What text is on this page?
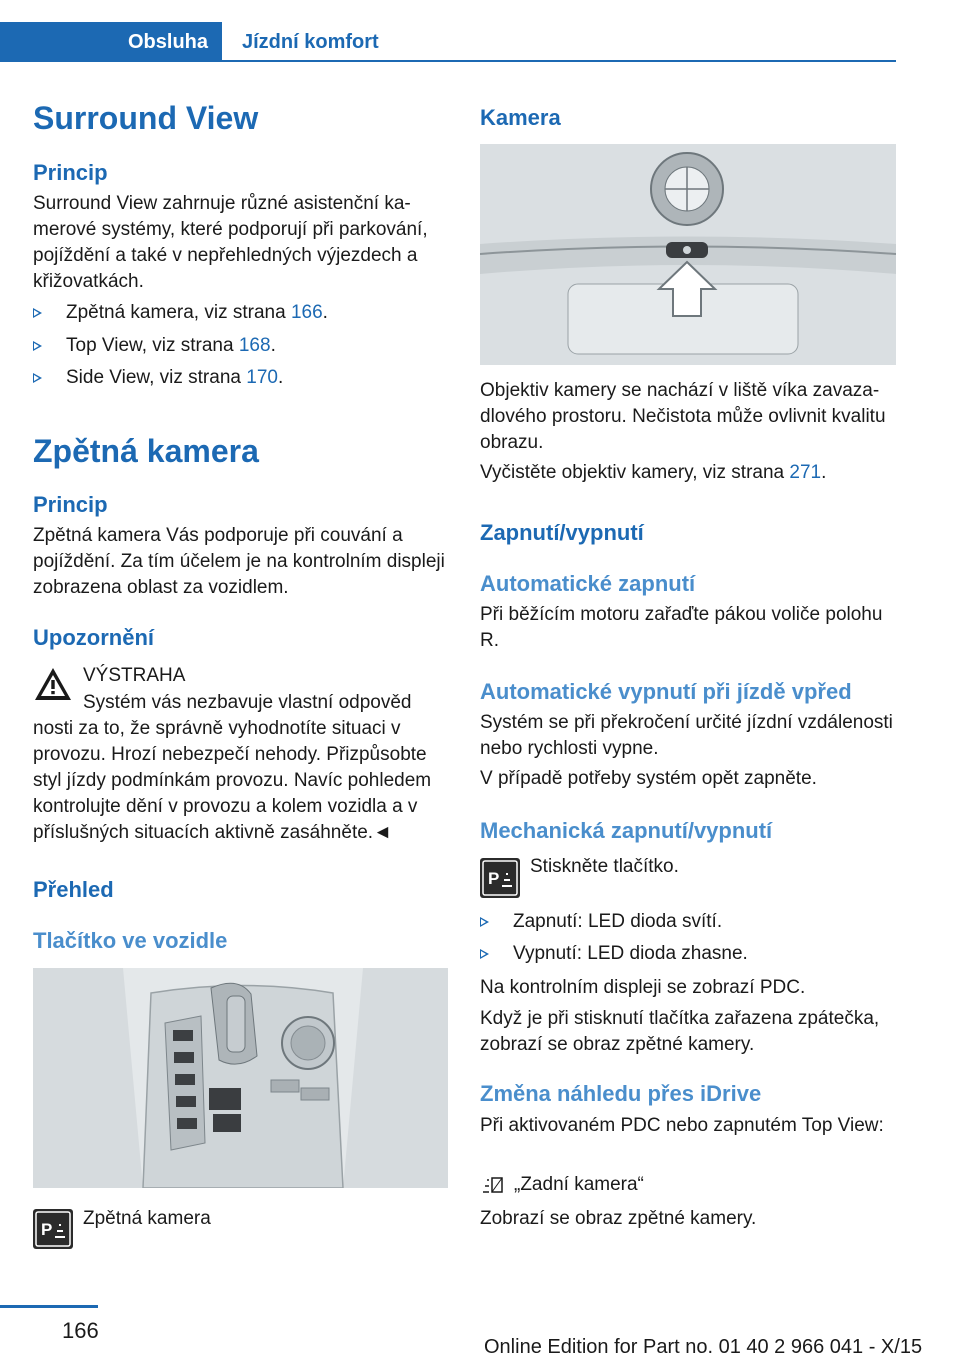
Obsluha Jízdní komfort
Surround View
Princip
Surround View zahrnuje různé asistenční kamerové systémy, které podporují při parkování, pojíždění a také v nepřehledných výjezdech a křižovatkách.
Zpětná kamera, viz strana 166.
Top View, viz strana 168.
Side View, viz strana 170.
Zpětná kamera
Princip
Zpětná kamera Vás podporuje při couvání a pojíždění. Za tím účelem je na kontrolním displeji zobrazena oblast za vozidlem.
Upozornění
VÝSTRAHA
Systém vás nezbavuje vlastní odpověd
nosti za to, že správně vyhodnotíte situaci v provozu. Hrozí nebezpečí nehody. Přizpůsobte styl jízdy podmínkám provozu. Navíc pohledem kontrolujte dění v provozu a kolem vozidla a v příslušných situacích aktivně zasáhněte.◄
Přehled
Tlačítko ve vozidle
P
Zpětná kamera
Kamera
Objektiv kamery se nachází v liště víka zavazadlového prostoru. Nečistota může ovlivnit kvalitu obrazu.
Vyčistěte objektiv kamery, viz strana 271.
Zapnutí/vypnutí
Automatické zapnutí
Při běžícím motoru zařaďte pákou voliče polohu R.
Automatické vypnutí při jízdě vpřed
Systém se při překročení určité jízdní vzdálenosti nebo rychlosti vypne.
V případě potřeby systém opět zapněte.
Mechanická zapnutí/vypnutí
P
Stiskněte tlačítko.
Zapnutí: LED dioda svítí.
Vypnutí: LED dioda zhasne.
Na kontrolním displeji se zobrazí PDC.
Když je při stisknutí tlačítka zařazena zpátečka, zobrazí se obraz zpětné kamery.
Změna náhledu přes iDrive
Při aktivovaném PDC nebo zapnutém Top View:
„Zadní kamera“
Zobrazí se obraz zpětné kamery.
166
Online Edition for Part no. 01 40 2 966 041 - X/15
